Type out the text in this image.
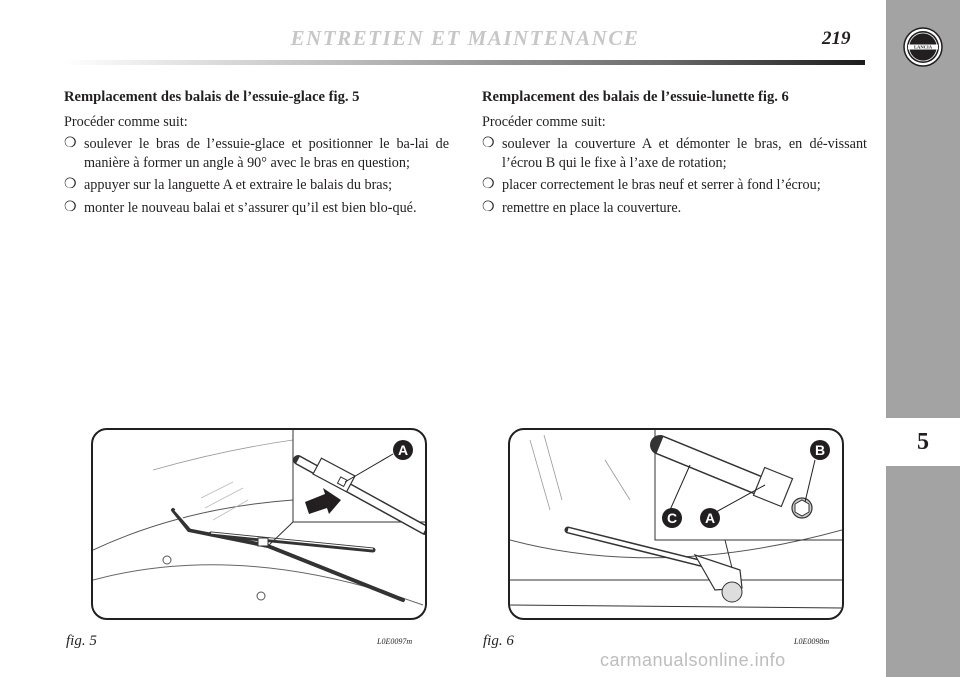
ENTRETIEN ET MAINTENANCE	219	LANCIA
5

Remplacement des balais de l’essuie-glace fig. 5

Procéder comme suit:

❍ soulever le bras de l’essuie-glace et positionner le ba-lai de manière à former un angle à 90° avec le bras en question;
❍ appuyer sur la languette A et extraire le balais du bras;
❍ monter le nouveau balai et s’assurer qu’il est bien blo-qué.

Remplacement des balais de l’essuie-lunette fig. 6

Procéder comme suit:

❍ soulever la couverture A et démonter le bras, en dé-vissant l’écrou B qui le fixe à l’axe de rotation;
❍ placer correctement le bras neuf et serrer à fond l’écrou;
❍ remettre en place la couverture.
A
fig. 5	L0E0097m
B
C A
fig. 6	L0E0098m
carmanualsonline.info
